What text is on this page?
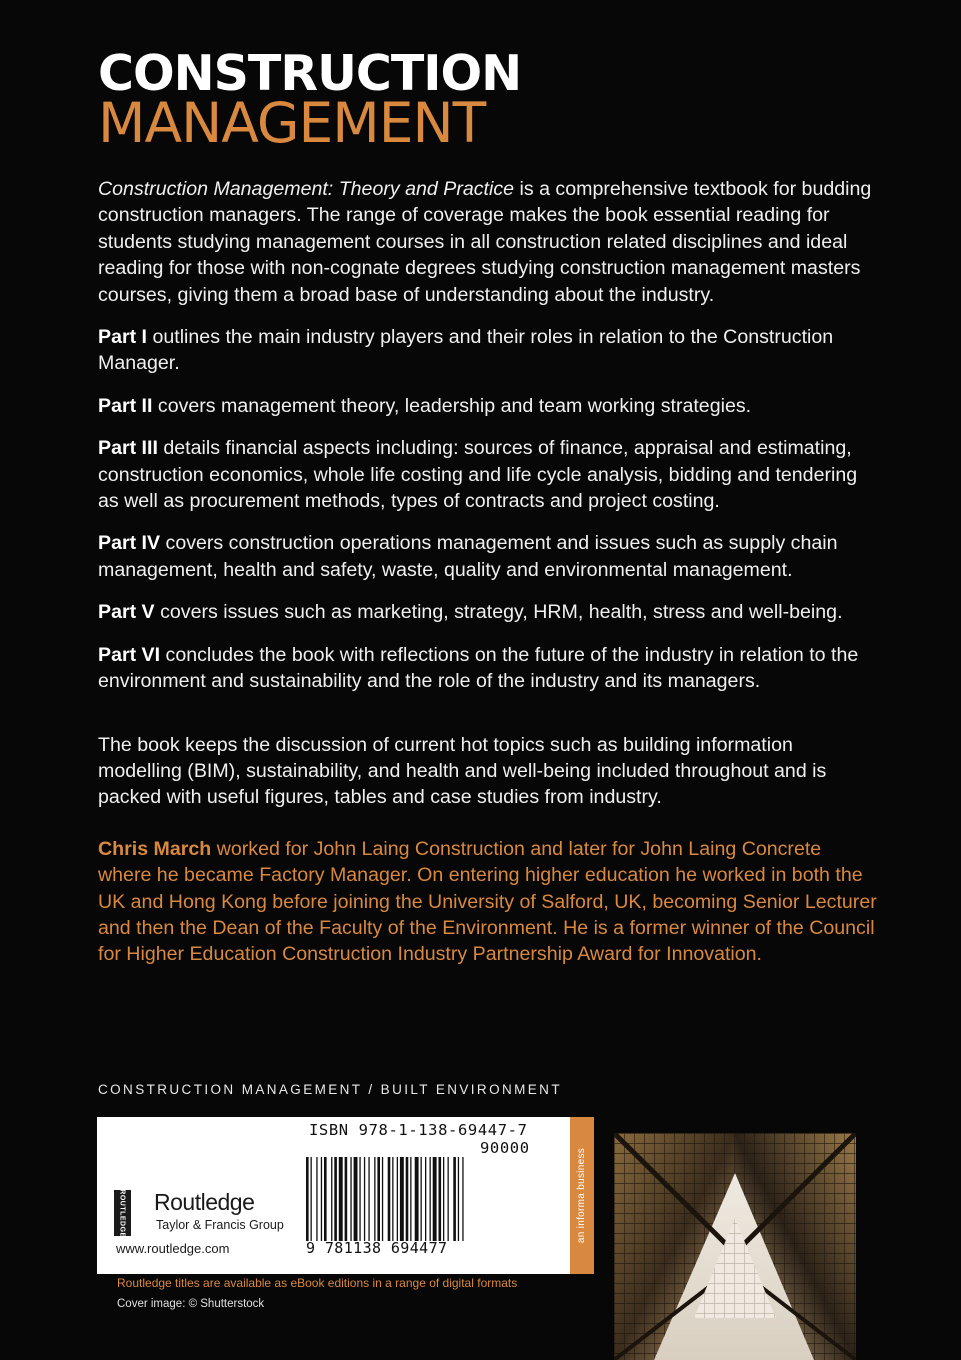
CONSTRUCTION
MANAGEMENT

Construction Management: Theory and Practice is a comprehensive textbook for budding construction managers. The range of coverage makes the book essential reading for students studying management courses in all construction related disciplines and ideal reading for those with non-cognate degrees studying construction management masters courses, giving them a broad base of understanding about the industry.

Part I outlines the main industry players and their roles in relation to the Construction Manager.

Part II covers management theory, leadership and team working strategies.

Part III details financial aspects including: sources of finance, appraisal and estimating, construction economics, whole life costing and life cycle analysis, bidding and tendering as well as procurement methods, types of contracts and project costing.

Part IV covers construction operations management and issues such as supply chain management, health and safety, waste, quality and environmental management.

Part V covers issues such as marketing, strategy, HRM, health, stress and well-being.

Part VI concludes the book with reflections on the future of the industry in relation to the environment and sustainability and the role of the industry and its managers.

The book keeps the discussion of current hot topics such as building information modelling (BIM), sustainability, and health and well-being included throughout and is packed with useful figures, tables and case studies from industry.

Chris March worked for John Laing Construction and later for John Laing Concrete where he became Factory Manager. On entering higher education he worked in both the UK and Hong Kong before joining the University of Salford, UK, becoming Senior Lecturer and then the Dean of the Faculty of the Environment. He is a former winner of the Council for Higher Education Construction Industry Partnership Award for Innovation.

CONSTRUCTION MANAGEMENT / BUILT ENVIRONMENT
an informa business
ROUTLEDGE Routledge
Taylor & Francis Group
www.routledge.com
ISBN 978-1-138-69447-7
90000
9 781138 694477
Routledge titles are available as eBook editions in a range of digital formats
Cover image: © Shutterstock
